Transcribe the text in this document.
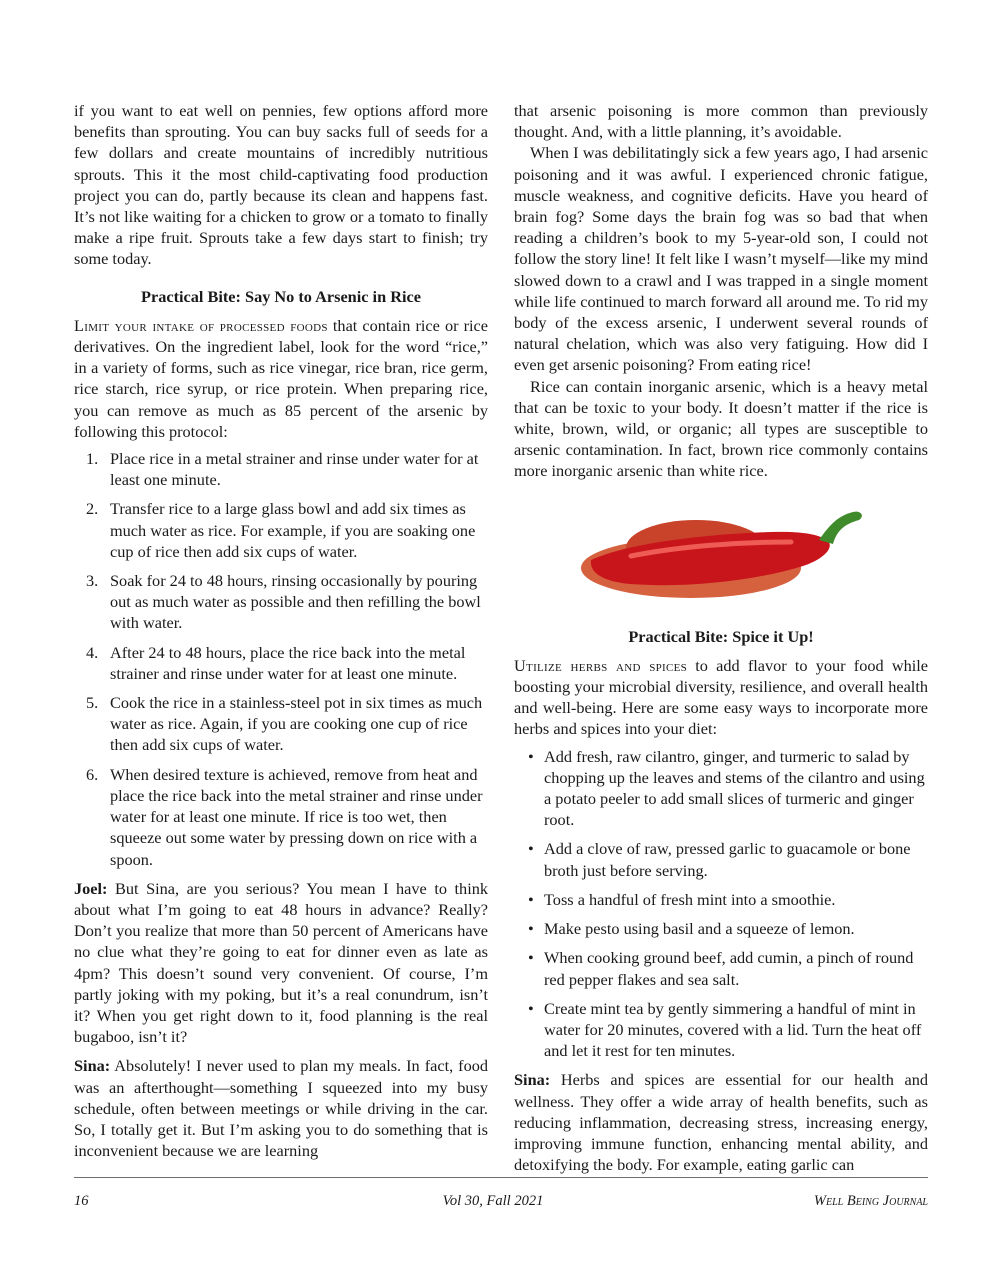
if you want to eat well on pennies, few options afford more benefits than sprouting. You can buy sacks full of seeds for a few dollars and create mountains of incredibly nutritious sprouts. This it the most child-captivating food production project you can do, partly because its clean and happens fast. It’s not like waiting for a chicken to grow or a tomato to finally make a ripe fruit. Sprouts take a few days start to finish; try some today.

Practical Bite: Say No to Arsenic in Rice

Limit your intake of processed foods that contain rice or rice derivatives. On the ingredient label, look for the word “rice,” in a variety of forms, such as rice vinegar, rice bran, rice germ, rice starch, rice syrup, or rice protein. When preparing rice, you can remove as much as 85 percent of the arsenic by following this protocol:

1. Place rice in a metal strainer and rinse under water for at least one minute.
2. Transfer rice to a large glass bowl and add six times as much water as rice. For example, if you are soaking one cup of rice then add six cups of water.
3. Soak for 24 to 48 hours, rinsing occasionally by pouring out as much water as possible and then refilling the bowl with water.
4. After 24 to 48 hours, place the rice back into the metal strainer and rinse under water for at least one minute.
5. Cook the rice in a stainless-steel pot in six times as much water as rice. Again, if you are cooking one cup of rice then add six cups of water.
6. When desired texture is achieved, remove from heat and place the rice back into the metal strainer and rinse under water for at least one minute. If rice is too wet, then squeeze out some water by pressing down on rice with a spoon.

Joel: But Sina, are you serious? You mean I have to think about what I’m going to eat 48 hours in advance? Really? Don’t you realize that more than 50 percent of Americans have no clue what they’re going to eat for dinner even as late as 4pm? This doesn’t sound very convenient. Of course, I’m partly joking with my poking, but it’s a real conundrum, isn’t it? When you get right down to it, food planning is the real bugaboo, isn’t it?

Sina: Absolutely! I never used to plan my meals. In fact, food was an afterthought—something I squeezed into my busy schedule, often between meetings or while driving in the car. So, I totally get it. But I’m asking you to do something that is inconvenient because we are learning

that arsenic poisoning is more common than previously thought. And, with a little planning, it’s avoidable.

When I was debilitatingly sick a few years ago, I had arsenic poisoning and it was awful. I experienced chronic fatigue, muscle weakness, and cognitive deficits. Have you heard of brain fog? Some days the brain fog was so bad that when reading a children’s book to my 5-year-old son, I could not follow the story line! It felt like I wasn’t myself—like my mind slowed down to a crawl and I was trapped in a single moment while life continued to march forward all around me. To rid my body of the excess arsenic, I underwent several rounds of natural chelation, which was also very fatiguing. How did I even get arsenic poisoning? From eating rice!

Rice can contain inorganic arsenic, which is a heavy metal that can be toxic to your body. It doesn’t matter if the rice is white, brown, wild, or organic; all types are susceptible to arsenic contamination. In fact, brown rice commonly contains more inorganic arsenic than white rice.

Practical Bite: Spice it Up!

Utilize herbs and spices to add flavor to your food while boosting your microbial diversity, resilience, and overall health and well-being. Here are some easy ways to incorporate more herbs and spices into your diet:

• Add fresh, raw cilantro, ginger, and turmeric to salad by chopping up the leaves and stems of the cilantro and using a potato peeler to add small slices of turmeric and ginger root.
• Add a clove of raw, pressed garlic to guacamole or bone broth just before serving.
• Toss a handful of fresh mint into a smoothie.
• Make pesto using basil and a squeeze of lemon.
• When cooking ground beef, add cumin, a pinch of round red pepper flakes and sea salt.
• Create mint tea by gently simmering a handful of mint in water for 20 minutes, covered with a lid. Turn the heat off and let it rest for ten minutes.

Sina: Herbs and spices are essential for our health and wellness. They offer a wide array of health benefits, such as reducing inflammation, decreasing stress, increasing energy, improving immune function, enhancing mental ability, and detoxifying the body. For example, eating garlic can

16	Vol 30, Fall 2021	Well Being Journal
